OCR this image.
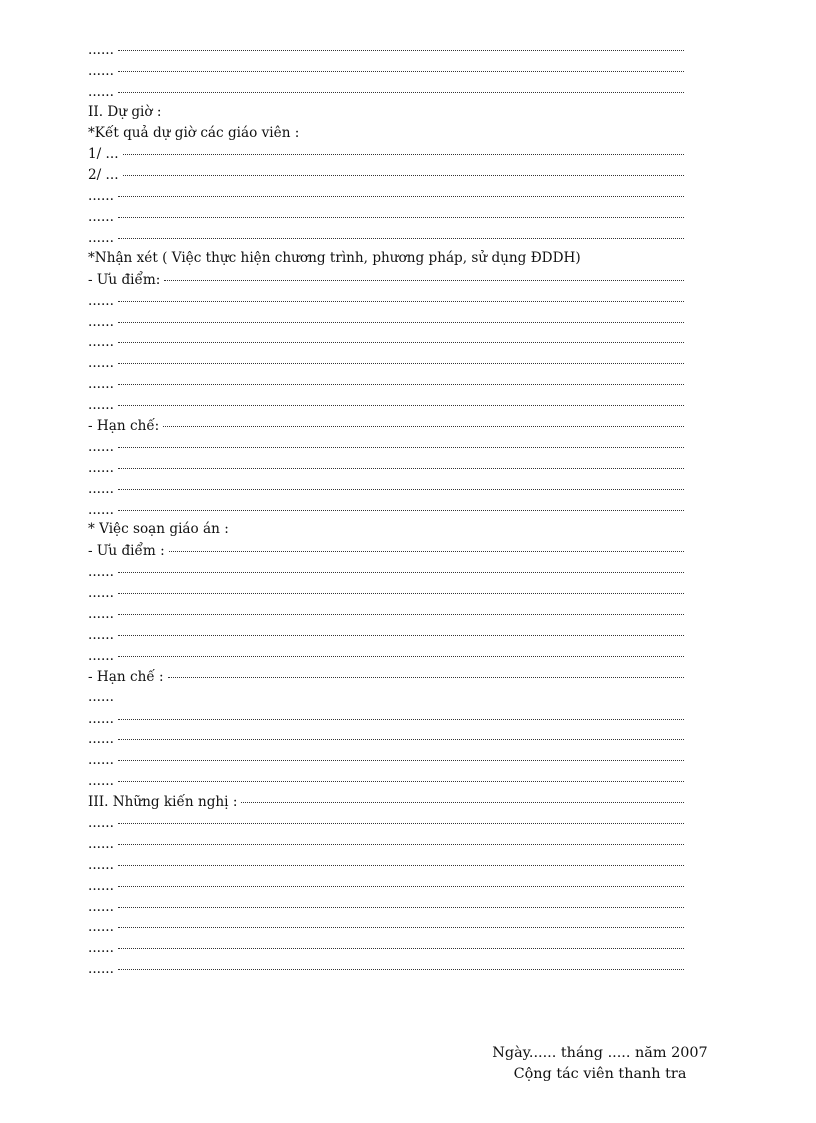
......
......
......
II. Dự giờ :
*Kết quả dự giờ các giáo viên :
1/ ...
2/ ...
......
......
......
*Nhận xét ( Việc thực hiện chương trình, phương pháp, sử dụng ĐDDH)
- Ưu điểm:
......
......
......
......
......
......
- Hạn chế:
......
......
......
......
* Việc soạn giáo án :
- Ưu điểm :
......
......
......
......
......
- Hạn chế :
......
......
......
......
......
III. Những kiến nghị :
......
......
......
......
......
......
......
......
Ngày...... tháng ..... năm 2007
Cộng tác viên thanh tra
